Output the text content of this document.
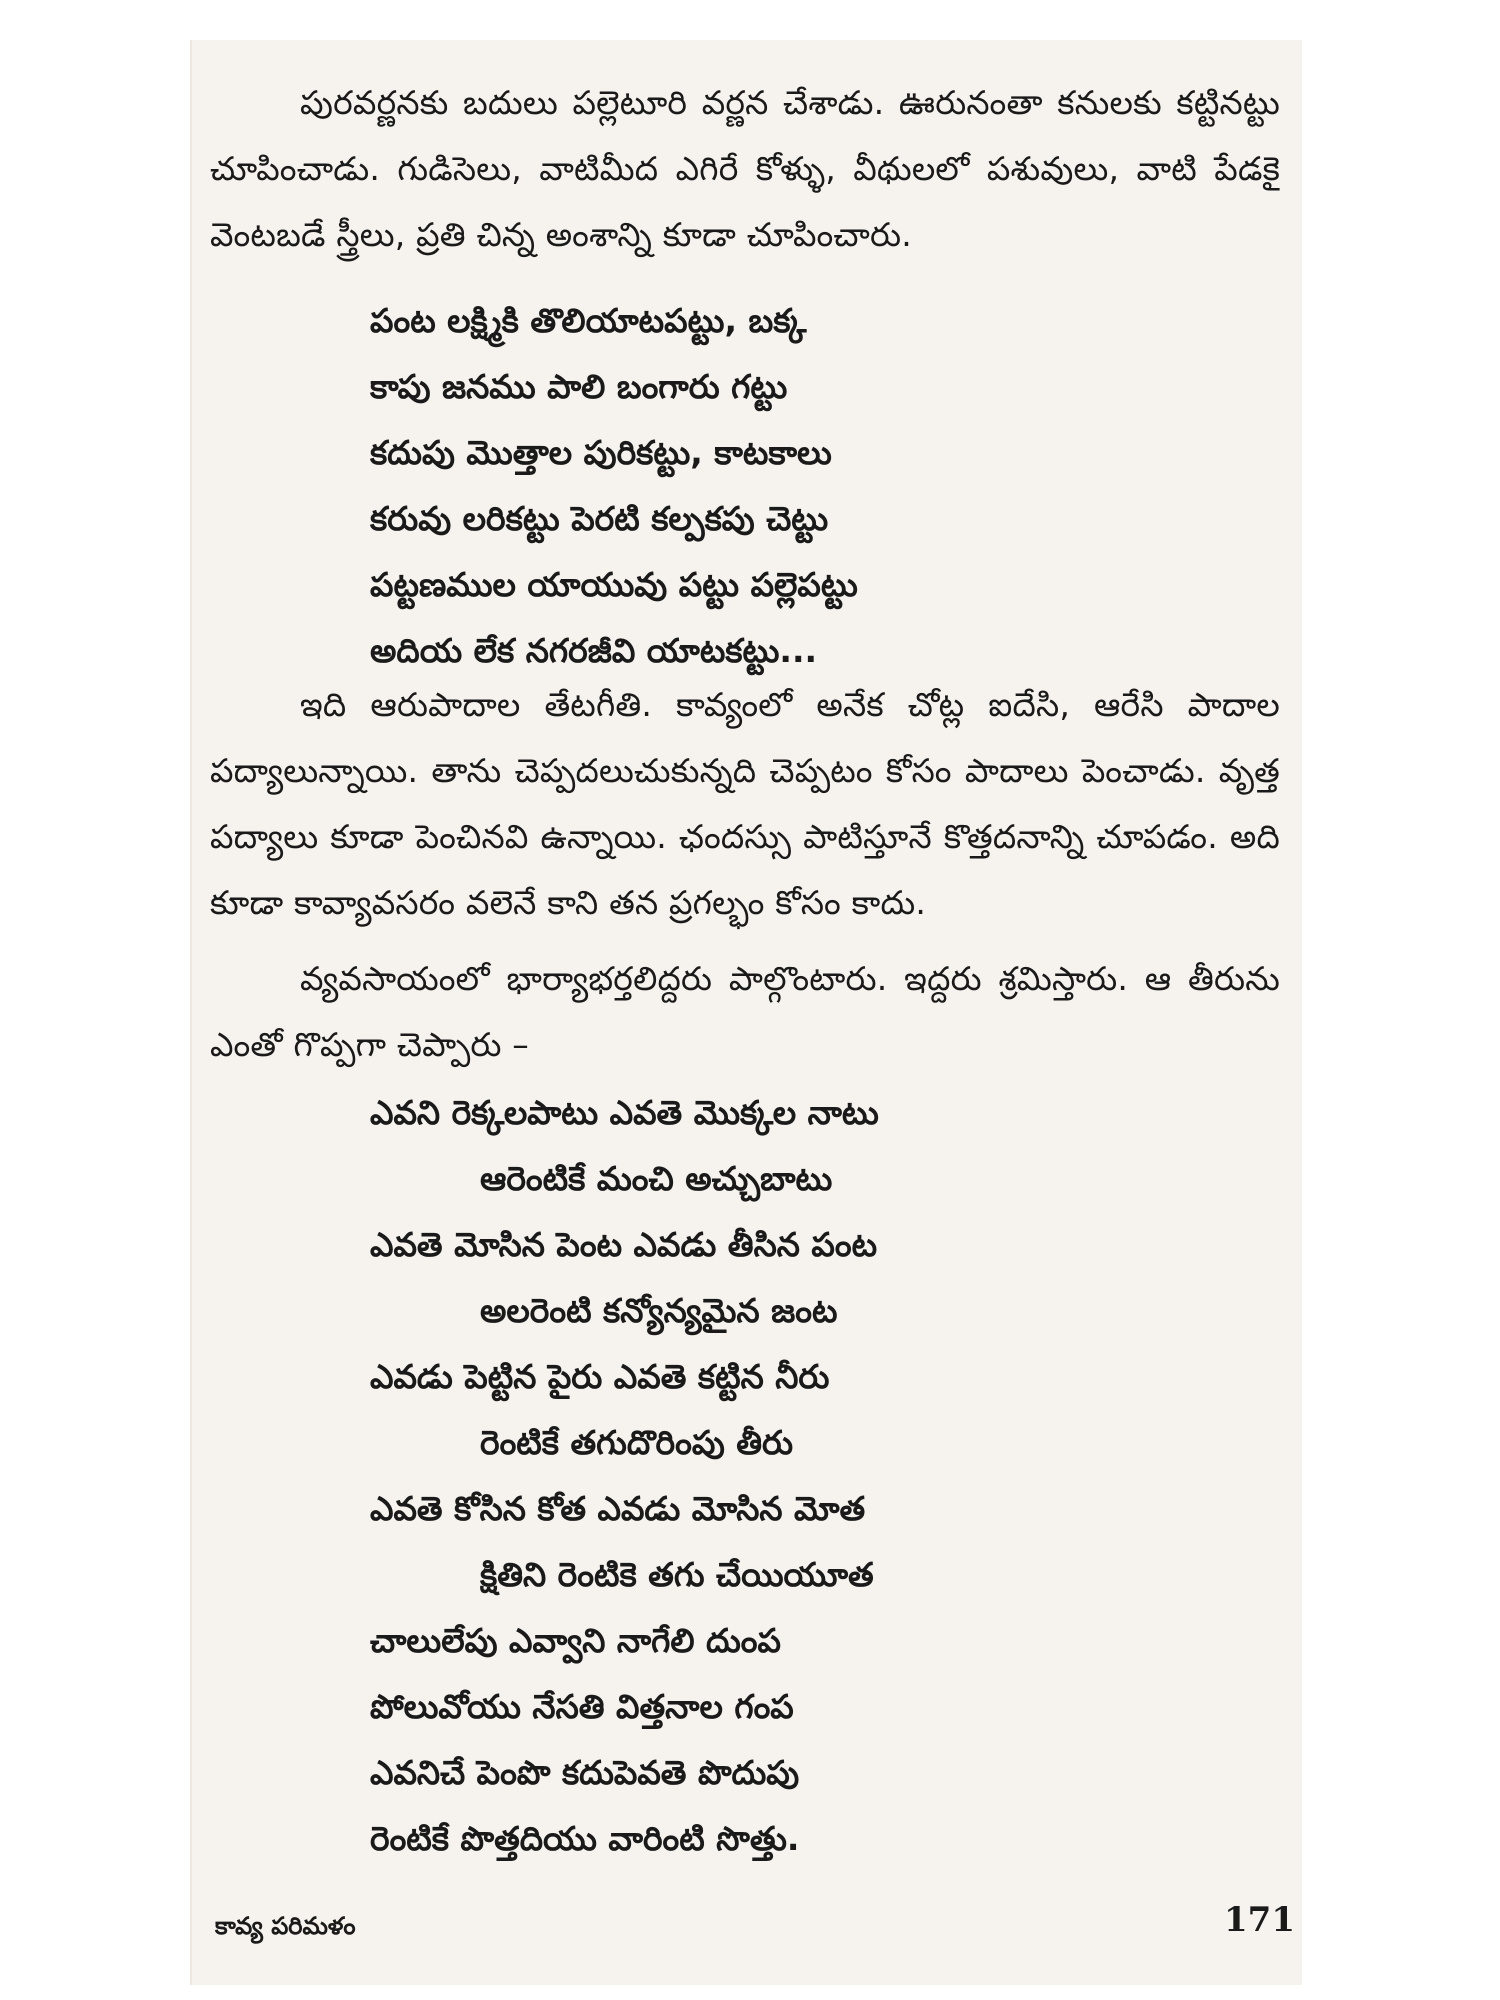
పురవర్ణనకు బదులు పల్లెటూరి వర్ణన చేశాడు. ఊరునంతా కనులకు కట్టినట్టు చూపించాడు. గుడిసెలు, వాటిమీద ఎగిరే కోళ్ళు, వీథులలో పశువులు, వాటి పేడకై వెంటబడే స్త్రీలు, ప్రతి చిన్న అంశాన్ని కూడా చూపించారు.

పంట లక్ష్మికి తొలియాటపట్టు, బక్క
కాపు జనము పాలి బంగారు గట్టు
కదుపు మొత్తాల పురికట్టు, కాటకాలు
కరువు లరికట్టు పెరటి కల్పకపు చెట్టు
పట్టణముల యాయువు పట్టు పల్లెపట్టు
అదియ లేక నగరజీవి యాటకట్టు...

ఇది ఆరుపాదాల తేటగీతి. కావ్యంలో అనేక చోట్ల ఐదేసి, ఆరేసి పాదాల పద్యాలున్నాయి. తాను చెప్పదలుచుకున్నది చెప్పటం కోసం పాదాలు పెంచాడు. వృత్త పద్యాలు కూడా పెంచినవి ఉన్నాయి. ఛందస్సు పాటిస్తూనే కొత్తదనాన్ని చూపడం. అది కూడా కావ్యావసరం వలెనే కాని తన ప్రగల్భం కోసం కాదు.

వ్యవసాయంలో భార్యాభర్తలిద్దరు పాల్గొంటారు. ఇద్దరు శ్రమిస్తారు. ఆ తీరును ఎంతో గొప్పగా చెప్పారు –

ఎవని రెక్కలపాటు ఎవతె మొక్కల నాటు
ఆరెంటికే మంచి అచ్చుబాటు
ఎవతె మోసిన పెంట ఎవడు తీసిన పంట
అలరెంటి కన్యోన్యమైన జంట
ఎవడు పెట్టిన పైరు ఎవతె కట్టిన నీరు
రెంటికే తగుదొరింపు తీరు
ఎవతె కోసిన కోత ఎవడు మోసిన మోత
క్షితిని రెంటికె తగు చేయియూత
చాలులేపు ఎవ్వాని నాగేలి దుంప
పోలువోయు నేసతి విత్తనాల గంప
ఎవనిచే పెంపొ కదుపెవతె పొదుపు
రెంటికే పొత్తదియు వారింటి సొత్తు.
కావ్య పరిమళం	171
